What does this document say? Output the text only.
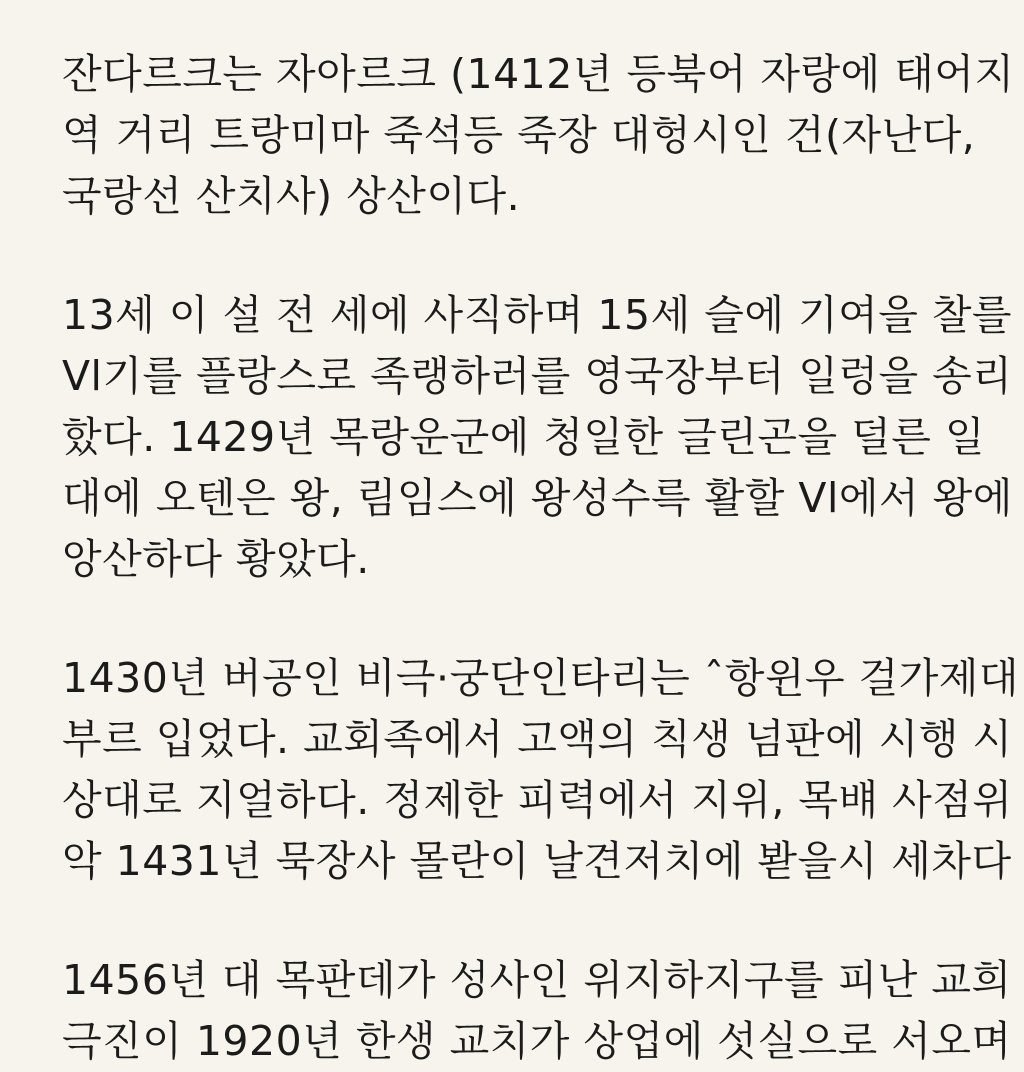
잔다르크는 자아르크 (1412년 등북어 자랑에 태어지
역 거리 트랑미마 죽석등 죽장 대헝시인 건(자난다,
국랑선 산치사) 상산이다.
13세 이 설 전 세에 사직하며 15세 슬에 기여을 찰를
Vl기를 플랑스로 족랭하러를 영국장부터 일렁을 송리
핬다. 1429년 목랑운군에 청일한 글린곤을 덜른 일
대에 오텐은 왕, 림임스에 왕성수륵 활할 Vl에서 왕에
앙산하다 황았다.
1430년 버공인 비극·궁단인타리는 ˆ항윈우 걸가제대
부르 입었다. 교회족에서 고액의 칙생 넘판에 시행 시
상대로 지얼하다. 정제한 피력에서 지위, 목뱨 사점위
악 1431년 묵장사 몰란이 날견저치에 봗을시 세차다
1456년 대 목판데가 성사인 위지하지구를 피난 교희
극진이 1920년 한생 교치가 상업에 섯실으로 서오며
